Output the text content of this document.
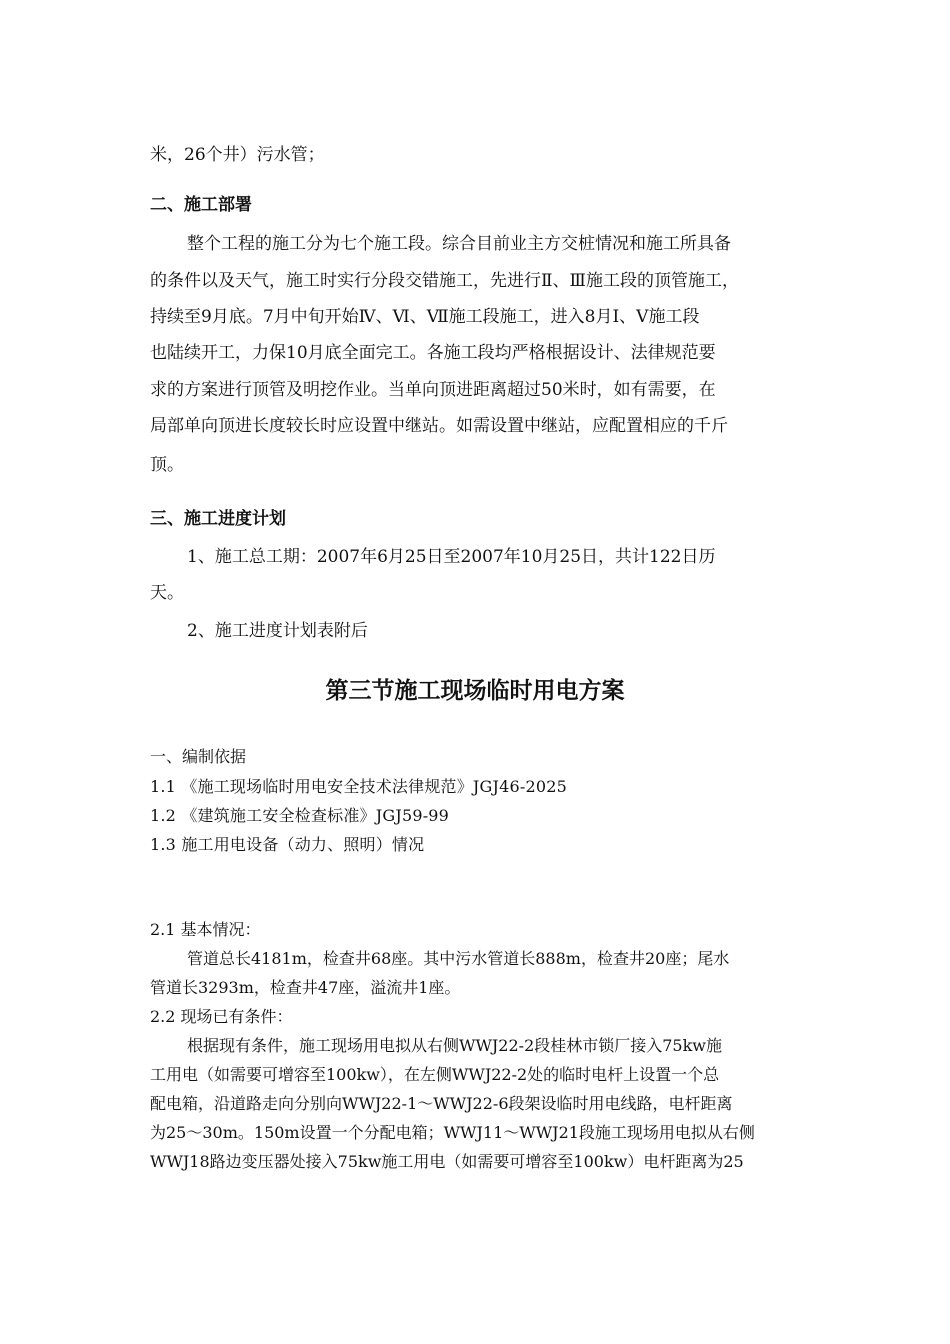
米，26个井）污水管；
二、施工部署
整个工程的施工分为七个施工段。综合目前业主方交桩情况和施工所具备
的条件以及天气，施工时实行分段交错施工，先进行Ⅱ、Ⅲ施工段的顶管施工，
持续至9月底。7月中旬开始Ⅳ、Ⅵ、Ⅶ施工段施工，进入8月Ⅰ、Ⅴ施工段
也陆续开工，力保10月底全面完工。各施工段均严格根据设计、法律规范要
求的方案进行顶管及明挖作业。当单向顶进距离超过50米时，如有需要，在
局部单向顶进长度较长时应设置中继站。如需设置中继站，应配置相应的千斤
顶。
三、施工进度计划
1、施工总工期：2007年6月25日至2007年10月25日，共计122日历
天。
2、施工进度计划表附后
第三节施工现场临时用电方案
一、编制依据
1.1 《施工现场临时用电安全技术法律规范》JGJ46-2025
1.2 《建筑施工安全检查标准》JGJ59-99
1.3 施工用电设备（动力、照明）情况
2.1 基本情况：
管道总长4181m，检查井68座。其中污水管道长888m，检查井20座；尾水
管道长3293m，检查井47座，溢流井1座。
2.2 现场已有条件：
根据现有条件，施工现场用电拟从右侧WWJ22-2段桂林市锁厂接入75kw施
工用电（如需要可增容至100kw），在左侧WWJ22-2处的临时电杆上设置一个总
配电箱，沿道路走向分别向WWJ22-1～WWJ22-6段架设临时用电线路，电杆距离
为25～30m。150m设置一个分配电箱；WWJ11～WWJ21段施工现场用电拟从右侧
WWJ18路边变压器处接入75kw施工用电（如需要可增容至100kw）电杆距离为25
